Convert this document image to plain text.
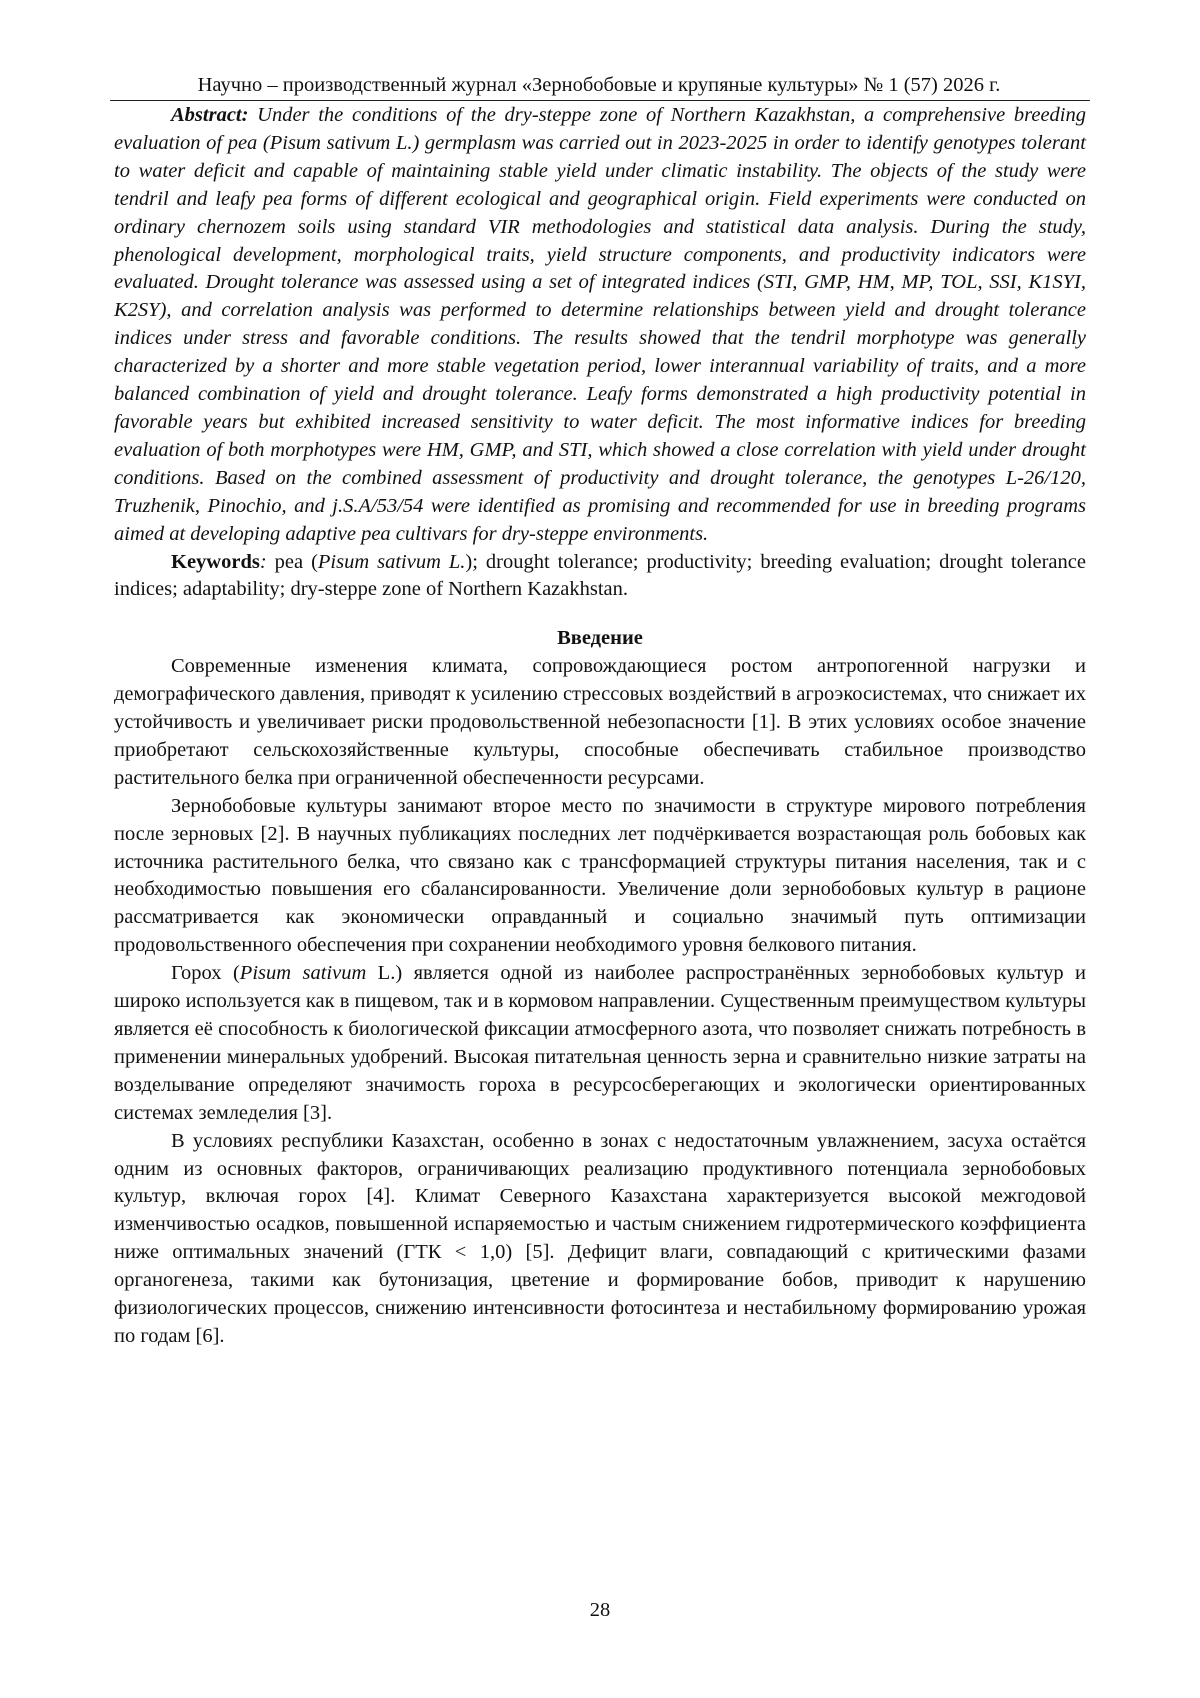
Научно – производственный журнал «Зернобобовые и крупяные культуры» № 1 (57) 2026 г.

Abstract: Under the conditions of the dry-steppe zone of Northern Kazakhstan, a comprehensive breeding evaluation of pea (Pisum sativum L.) germplasm was carried out in 2023-2025 in order to identify genotypes tolerant to water deficit and capable of maintaining stable yield under climatic instability. The objects of the study were tendril and leafy pea forms of different ecological and geographical origin. Field experiments were conducted on ordinary chernozem soils using standard VIR methodologies and statistical data analysis. During the study, phenological development, morphological traits, yield structure components, and productivity indicators were evaluated. Drought tolerance was assessed using a set of integrated indices (STI, GMP, HM, MP, TOL, SSI, K1SYI, K2SY), and correlation analysis was performed to determine relationships between yield and drought tolerance indices under stress and favorable conditions. The results showed that the tendril morphotype was generally characterized by a shorter and more stable vegetation period, lower interannual variability of traits, and a more balanced combination of yield and drought tolerance. Leafy forms demonstrated a high productivity potential in favorable years but exhibited increased sensitivity to water deficit. The most informative indices for breeding evaluation of both morphotypes were HM, GMP, and STI, which showed a close correlation with yield under drought conditions. Based on the combined assessment of productivity and drought tolerance, the genotypes L-26/120, Truzhenik, Pinochio, and j.S.A/53/54 were identified as promising and recommended for use in breeding programs aimed at developing adaptive pea cultivars for dry-steppe environments.

Keywords: pea (Pisum sativum L.); drought tolerance; productivity; breeding evaluation; drought tolerance indices; adaptability; dry-steppe zone of Northern Kazakhstan.

Введение

Современные изменения климата, сопровождающиеся ростом антропогенной нагрузки и демографического давления, приводят к усилению стрессовых воздействий в агроэкосистемах, что снижает их устойчивость и увеличивает риски продовольственной небезопасности [1]. В этих условиях особое значение приобретают сельскохозяйственные культуры, способные обеспечивать стабильное производство растительного белка при ограниченной обеспеченности ресурсами.

Зернобобовые культуры занимают второе место по значимости в структуре мирового потребления после зерновых [2]. В научных публикациях последних лет подчёркивается возрастающая роль бобовых как источника растительного белка, что связано как с трансформацией структуры питания населения, так и с необходимостью повышения его сбалансированности. Увеличение доли зернобобовых культур в рационе рассматривается как экономически оправданный и социально значимый путь оптимизации продовольственного обеспечения при сохранении необходимого уровня белкового питания.

Горох (Pisum sativum L.) является одной из наиболее распространённых зернобобовых культур и широко используется как в пищевом, так и в кормовом направлении. Существенным преимуществом культуры является её способность к биологической фиксации атмосферного азота, что позволяет снижать потребность в применении минеральных удобрений. Высокая питательная ценность зерна и сравнительно низкие затраты на возделывание определяют значимость гороха в ресурсосберегающих и экологически ориентированных системах земледелия [3].

В условиях республики Казахстан, особенно в зонах с недостаточным увлажнением, засуха остаётся одним из основных факторов, ограничивающих реализацию продуктивного потенциала зернобобовых культур, включая горох [4]. Климат Северного Казахстана характеризуется высокой межгодовой изменчивостью осадков, повышенной испаряемостью и частым снижением гидротермического коэффициента ниже оптимальных значений (ГТК < 1,0) [5]. Дефицит влаги, совпадающий с критическими фазами органогенеза, такими как бутонизация, цветение и формирование бобов, приводит к нарушению физиологических процессов, снижению интенсивности фотосинтеза и нестабильному формированию урожая по годам [6].

28
